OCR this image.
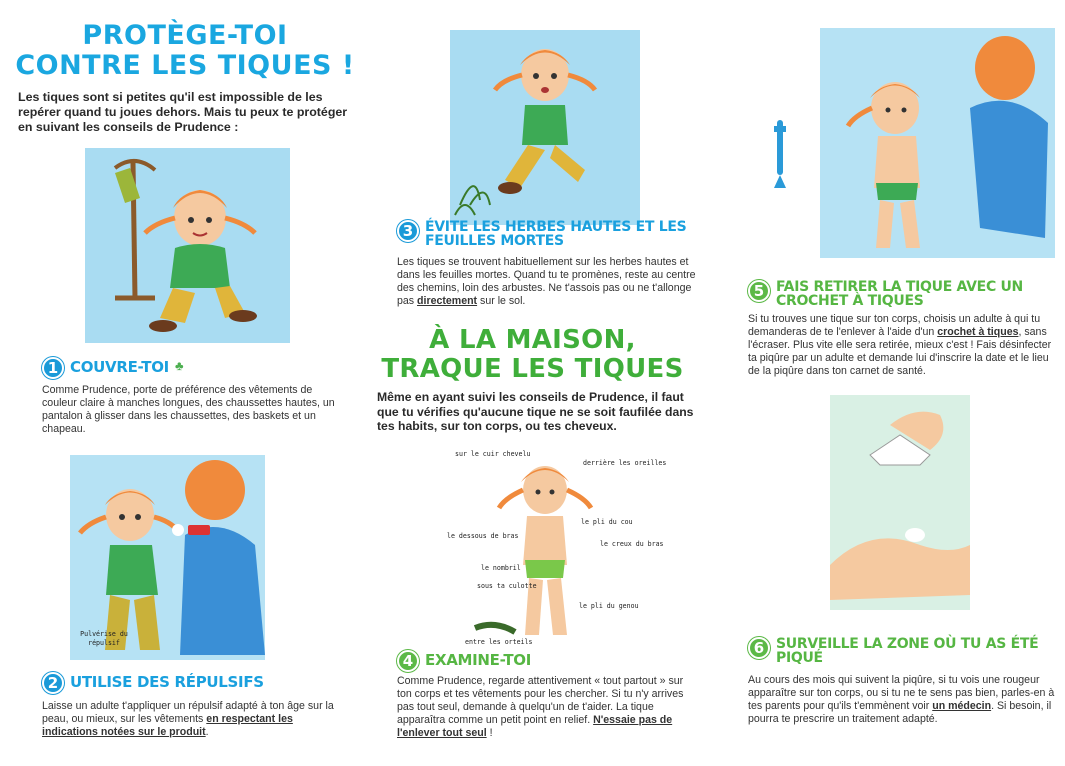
PROTÈGE-TOI
CONTRE LES TIQUES !
Les tiques sont si petites qu'il est impossible de les repérer quand tu joues dehors. Mais tu peux te protéger en suivant les conseils de Prudence :
1 COUVRE-TOI ♣
Comme Prudence, porte de préférence des vêtements de couleur claire à manches longues, des chaussettes hautes, un pantalon à glisser dans les chaussettes, des baskets et un chapeau.
Pulvérise du répulsif
2 UTILISE DES RÉPULSIFS
Laisse un adulte t'appliquer un répulsif adapté à ton âge sur la peau, ou mieux, sur les vêtements en respectant les indications notées sur le produit.
3 ÉVITE LES HERBES HAUTES ET LES FEUILLES MORTES
Les tiques se trouvent habituellement sur les herbes hautes et dans les feuilles mortes. Quand tu te promènes, reste au centre des chemins, loin des arbustes. Ne t'assois pas ou ne t'allonge pas directement sur le sol.
À LA MAISON,
TRAQUE LES TIQUES
Même en ayant suivi les conseils de Prudence, il faut que tu vérifies qu'aucune tique ne se soit faufilée dans tes habits, sur ton corps, ou tes cheveux.
sur le cuir chevelu
derrière les oreilles
le pli du cou
le dessous de bras
le creux du bras
le nombril
sous ta culotte
le pli du genou
entre les orteils
4 EXAMINE-TOI
Comme Prudence, regarde attentivement « tout partout » sur ton corps et tes vêtements pour les chercher. Si tu n'y arrives pas tout seul, demande à quelqu'un de t'aider. La tique apparaîtra comme un petit point en relief. N'essaie pas de l'enlever tout seul !
5 FAIS RETIRER LA TIQUE AVEC UN CROCHET À TIQUES
Si tu trouves une tique sur ton corps, choisis un adulte à qui tu demanderas de te l'enlever à l'aide d'un crochet à tiques, sans l'écraser. Plus vite elle sera retirée, mieux c'est ! Fais désinfecter ta piqûre par un adulte et demande lui d'inscrire la date et le lieu de la piqûre dans ton carnet de santé.
6 SURVEILLE LA ZONE OÙ TU AS ÉTÉ PIQUÉ
Au cours des mois qui suivent la piqûre, si tu vois une rougeur apparaître sur ton corps, ou si tu ne te sens pas bien, parles-en à tes parents pour qu'ils t'emmènent voir un médecin. Si besoin, il pourra te prescrire un traitement adapté.
